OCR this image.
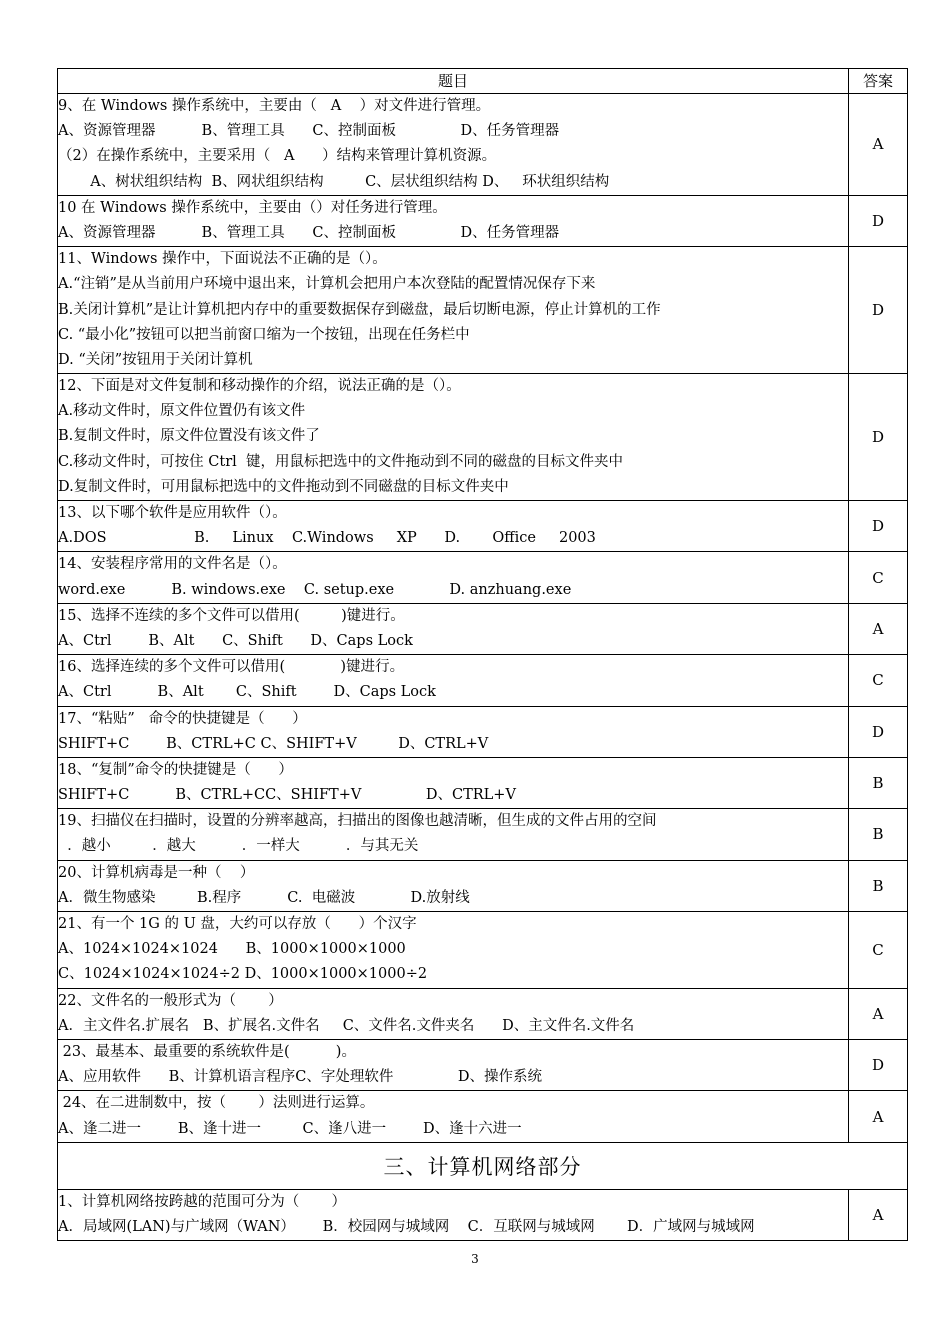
题目	答案

9、在 Windows 操作系统中，主要由（   A    ）对文件进行管理。
A、资源管理器          B、管理工具      C、控制面板              D、任务管理器
（2）在操作系统中，主要采用（   A      ）结构来管理计算机资源。
A、树状组织结构  B、网状组织结构         C、层状组织结构 D、   环状组织结构	A

10 在 Windows 操作系统中，主要由（）对任务进行管理。
A、资源管理器          B、管理工具      C、控制面板              D、任务管理器	D

11、Windows 操作中，下面说法不正确的是（）。
A.“注销”是从当前用户环境中退出来，计算机会把用户本次登陆的配置情况保存下来
B.关闭计算机”是让计算机把内存中的重要数据保存到磁盘，最后切断电源，停止计算机的工作
C. “最小化”按钮可以把当前窗口缩为一个按钮，出现在任务栏中
D. “关闭”按钮用于关闭计算机	D

12、下面是对文件复制和移动操作的介绍，说法正确的是（）。
A.移动文件时，原文件位置仍有该文件
B.复制文件时，原文件位置没有该文件了
C.移动文件时，可按住 Ctrl  键，用鼠标把选中的文件拖动到不同的磁盘的目标文件夹中
D.复制文件时，可用鼠标把选中的文件拖动到不同磁盘的目标文件夹中	D

13、以下哪个软件是应用软件（）。
A.DOS                   B.     Linux    C.Windows     XP      D.       Office     2003	D

14、安装程序常用的文件名是（）。
word.exe          B. windows.exe    C. setup.exe            D. anzhuang.exe	C

15、选择不连续的多个文件可以借用(         )键进行。
A、Ctrl        B、Alt      C、Shift      D、Caps Lock	A

16、选择连续的多个文件可以借用(            )键进行。
A、Ctrl          B、Alt       C、Shift        D、Caps Lock	C

17、“粘贴”   命令的快捷键是（      ）
SHIFT+C        B、CTRL+C C、SHIFT+V         D、CTRL+V	D

18、“复制”命令的快捷键是（      ）
SHIFT+C          B、CTRL+CC、SHIFT+V              D、CTRL+V	B

19、扫描仪在扫描时，设置的分辨率越高，扫描出的图像也越清晰，但生成的文件占用的空间
．越小         ．越大          ．一样大          ．与其无关	B

20、计算机病毒是一种（    ）
A．微生物感染         B.程序          C.  电磁波            D.放射线	B

21、有一个 1G 的 U 盘，大约可以存放（      ）个汉字
A、1024×1024×1024      B、1000×1000×1000
C、1024×1024×1024÷2 D、1000×1000×1000÷2	C

22、文件名的一般形式为（       ）
A．主文件名.扩展名   B、扩展名.文件名     C、文件名.文件夹名      D、主文件名.文件名	A

23、最基本、最重要的系统软件是(          )。
A、应用软件      B、计算机语言程序C、字处理软件              D、操作系统	D

24、在二进制数中，按（       ）法则进行运算。
A、逢二进一        B、逢十进一         C、逢八进一        D、逢十六进一	A
三、计算机网络部分	

1、计算机网络按跨越的范围可分为（       ）
A．局域网(LAN)与广域网（WAN）      B．校园网与城域网    C．互联网与城域网       D．广域网与城域网	A
3
